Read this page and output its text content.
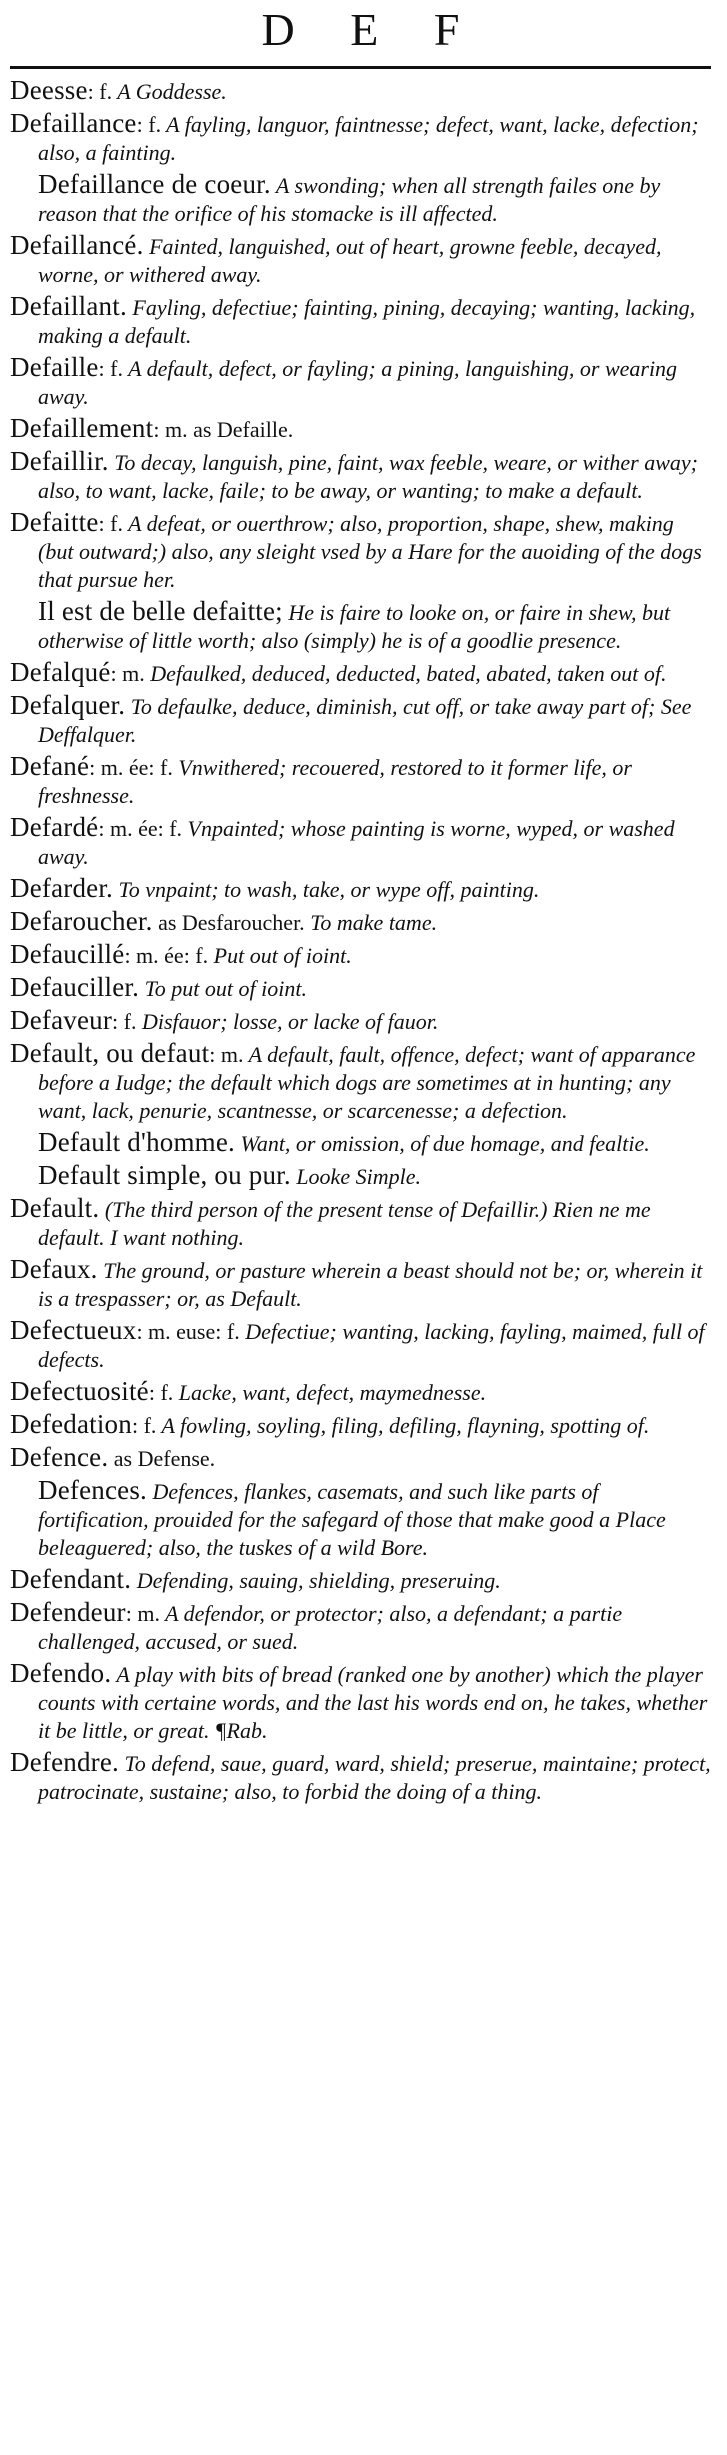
D E F

Deesse: f. A Goddesse.

Defaillance: f. A fayling, languor, faintnesse; defect, want, lacke, defection; also, a fainting.

Defaillance de coeur. A swonding; when all strength failes one by reason that the orifice of his stomacke is ill affected.

Defaillancé. Fainted, languished, out of heart, growne feeble, decayed, worne, or withered away.

Defaillant. Fayling, defectiue; fainting, pining, decaying; wanting, lacking, making a default.

Defaille: f. A default, defect, or fayling; a pining, languishing, or wearing away.

Defaillement: m. as Defaille.

Defaillir. To decay, languish, pine, faint, wax feeble, weare, or wither away; also, to want, lacke, faile; to be away, or wanting; to make a default.

Defaitte: f. A defeat, or ouerthrow; also, proportion, shape, shew, making (but outward;) also, any sleight vsed by a Hare for the auoiding of the dogs that pursue her.

Il est de belle defaitte; He is faire to looke on, or faire in shew, but otherwise of little worth; also (simply) he is of a goodlie presence.

Defalqué: m. Defaulked, deduced, deducted, bated, abated, taken out of.

Defalquer. To defaulke, deduce, diminish, cut off, or take away part of; See Deffalquer.

Defané: m. ée: f. Vnwithered; recouered, restored to it former life, or freshnesse.

Defardé: m. ée: f. Vnpainted; whose painting is worne, wyped, or washed away.

Defarder. To vnpaint; to wash, take, or wype off, painting.

Defaroucher. as Desfaroucher. To make tame.

Defaucillé: m. ée: f. Put out of ioint.

Defauciller. To put out of ioint.

Defaveur: f. Disfauor; losse, or lacke of fauor.

Default, ou defaut: m. A default, fault, offence, defect; want of apparance before a Iudge; the default which dogs are sometimes at in hunting; any want, lack, penurie, scantnesse, or scarcenesse; a defection.

Default d'homme. Want, or omission, of due homage, and fealtie.

Default simple, ou pur. Looke Simple.

Default. (The third person of the present tense of Defaillir.) Rien ne me default. I want nothing.

Defaux. The ground, or pasture wherein a beast should not be; or, wherein it is a trespasser; or, as Default.

Defectueux: m. euse: f. Defectiue; wanting, lacking, fayling, maimed, full of defects.

Defectuosité: f. Lacke, want, defect, maymednesse.

Defedation: f. A fowling, soyling, filing, defiling, flayning, spotting of.

Defence. as Defense.

Defences. Defences, flankes, casemats, and such like parts of fortification, prouided for the safegard of those that make good a Place beleaguered; also, the tuskes of a wild Bore.

Defendant. Defending, sauing, shielding, preseruing.

Defendeur: m. A defendor, or protector; also, a defendant; a partie challenged, accused, or sued.

Defendo. A play with bits of bread (ranked one by another) which the player counts with certaine words, and the last his words end on, he takes, whether it be little, or great. ¶Rab.

Defendre. To defend, saue, guard, ward, shield; preserue, maintaine; protect, patrocinate, sustaine; also, to forbid the doing of a thing.
